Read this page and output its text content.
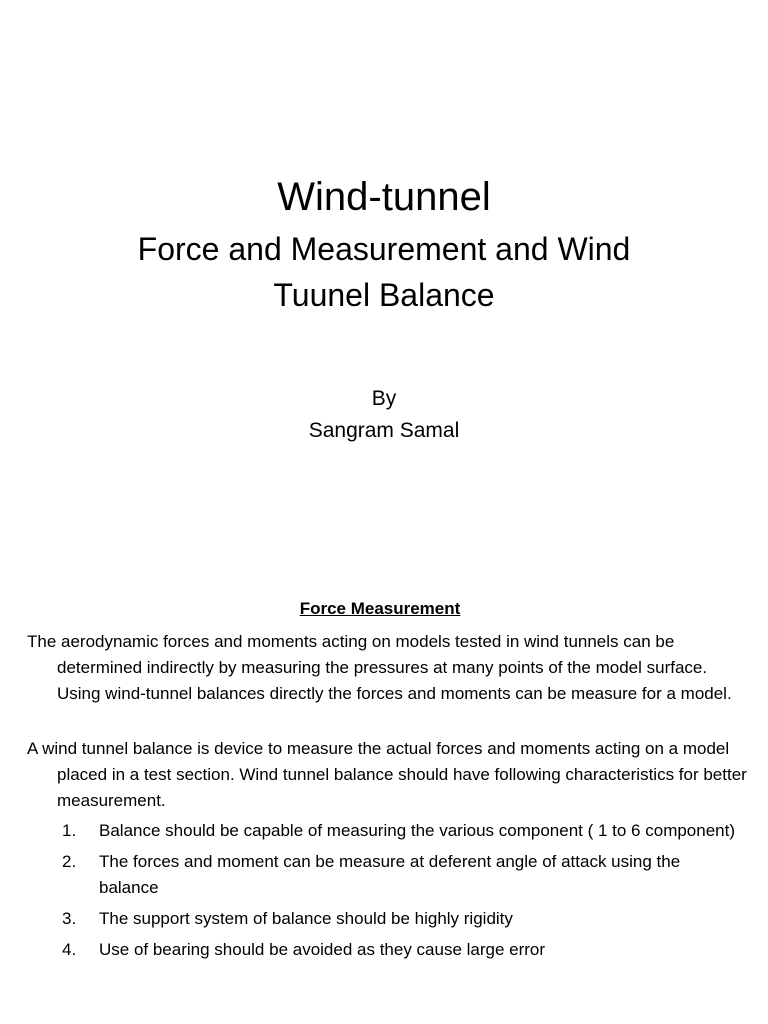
Wind-tunnel
Force and Measurement and Wind
Tuunel Balance
By
Sangram Samal
Force Measurement

The aerodynamic forces and moments acting on models tested in wind tunnels can be determined indirectly by measuring the pressures at many points of the model surface. Using wind-tunnel balances directly the forces and moments can be measure for a model.

A wind tunnel balance is device to measure the actual forces and moments acting on a model placed in a test section. Wind tunnel balance should have following characteristics for better measurement.

1.	Balance should be capable of measuring the various component ( 1 to 6 component)
2.	The forces and moment can be measure at deferent angle of attack using the balance
3.	The support system of balance should be highly rigidity
4.	Use of bearing should be avoided as they cause large error
